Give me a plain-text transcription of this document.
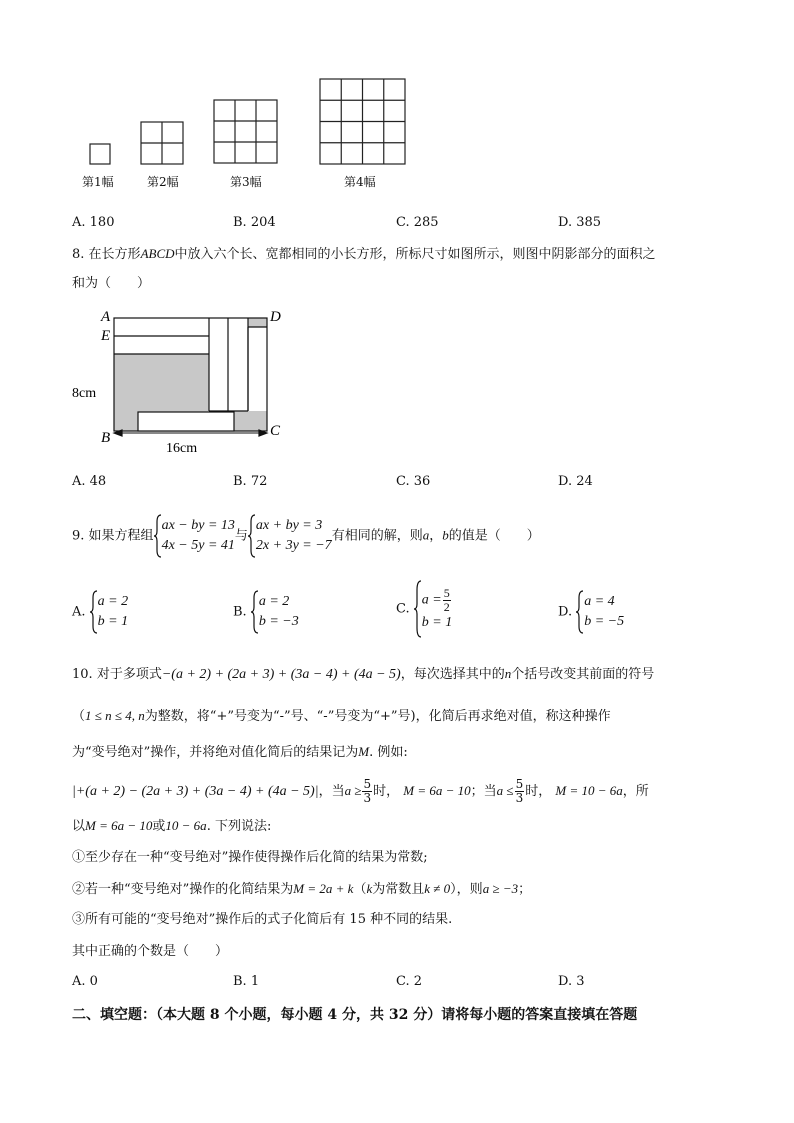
第1幅	第2幅	第3幅	第4幅
A. 180	B. 204	C. 285	D. 385
8. 在长方形ABCD中放入六个长、宽都相同的小长方形，所标尺寸如图所示，则图中阴影部分的面积之
和为（　　）
A
E
D
B	C
8cm
16cm
A. 48	B. 72	C. 36	D. 24
9. 如果方程组
ax − by = 13
4x − 5y = 41
与
ax + by = 3
2x + 3y = −7
有相同的解，则a，b的值是（　　）
A.
a = 2
b = 1
B.
a = 2
b = −3
C.
$a = \frac{5}{2}$
b = 1
D.
a = 4
b = −5
10. 对于多项式−(a + 2) + (2a + 3) + (3a − 4) + (4a − 5)，每次选择其中的n个括号改变其前面的符号
（1 ≤ n ≤ 4, n为整数，将“+”号变为“-”号、“-”号变为“+”号)，化简后再求绝对值，称这种操作
为“变号绝对”操作，并将绝对值化简后的结果记为M. 例如:
|+(a + 2) − (2a + 3) + (3a − 4) + (4a − 5)|，当$a \ge \frac{5}{3}$ 时， M = 6a − 10；当$a \le \frac{5}{3}$ 时， M = 10 − 6a，所
以M = 6a − 10或10 − 6a. 下列说法:
①至少存在一种“变号绝对”操作使得操作后化简的结果为常数;
②若一种“变号绝对”操作的化简结果为M = 2a + k（k为常数且k ≠ 0），则a ≥ −3；
③所有可能的“变号绝对”操作后的式子化简后有 15 种不同的结果.
其中正确的个数是（　　）
A. 0	B. 1	C. 2	D. 3
二、填空题：（本大题 8 个小题，每小题 4 分，共 32 分）请将每小题的答案直接填在答题
